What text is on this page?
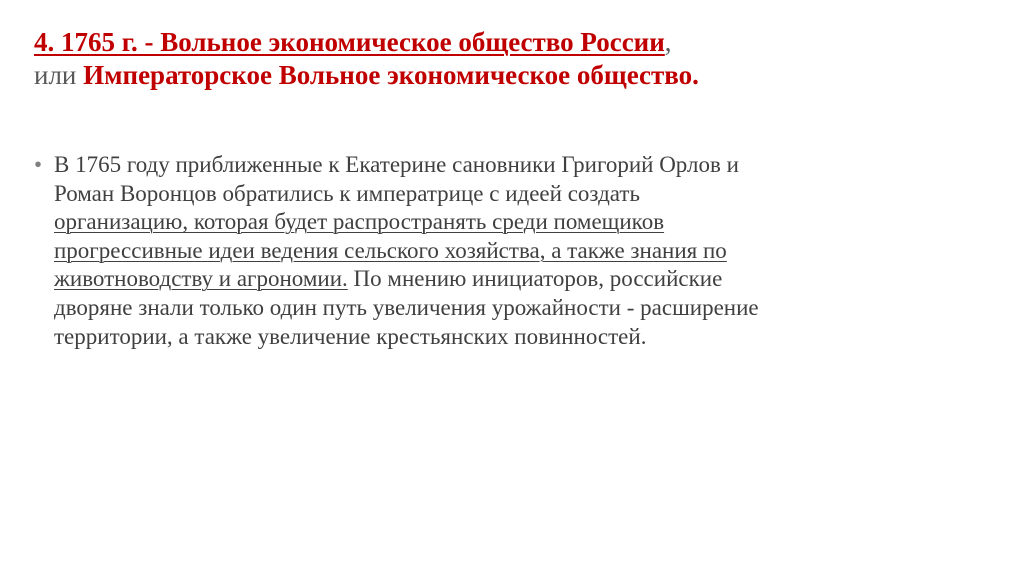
4. 1765 г. - Вольное экономическое общество России,
или Императорское Вольное экономическое общество.
• В 1765 году приближенные к Екатерине сановники Григорий Орлов и
Роман Воронцов обратились к императрице с идеей создать
организацию, которая будет распространять среди помещиков
прогрессивные идеи ведения сельского хозяйства, а также знания по
животноводству и агрономии. По мнению инициаторов, российские
дворяне знали только один путь увеличения урожайности - расширение
территории, а также увеличение крестьянских повинностей.
